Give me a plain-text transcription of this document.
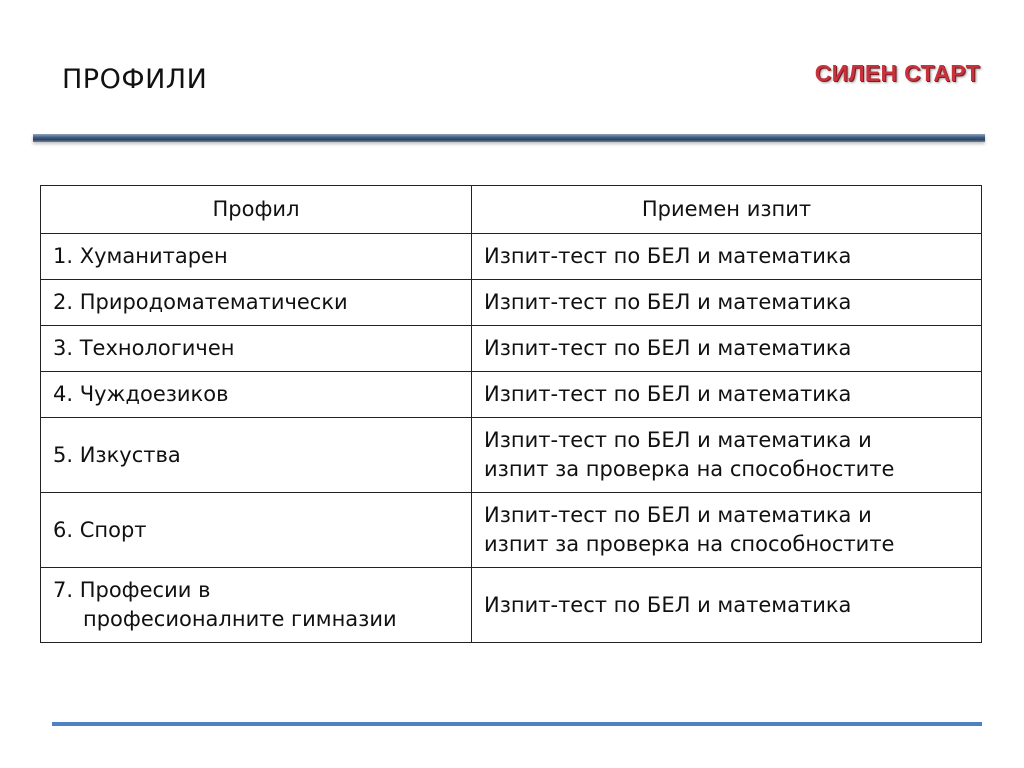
ПРОФИЛИ	СИЛЕН СТАРТ
Профил	Приемен изпит
1. Хуманитарен	Изпит-тест по БЕЛ и математика

2. Природоматематически	Изпит-тест по БЕЛ и математика

3. Технологичен	Изпит-тест по БЕЛ и математика

4. Чуждоезиков	Изпит-тест по БЕЛ и математика

5. Изкуства	Изпит-тест по БЕЛ и математика и
изпит за проверка на способностите

6. Спорт	Изпит-тест по БЕЛ и математика и
изпит за проверка на способностите

7. Професии в
професионалните гимназии	Изпит-тест по БЕЛ и математика
